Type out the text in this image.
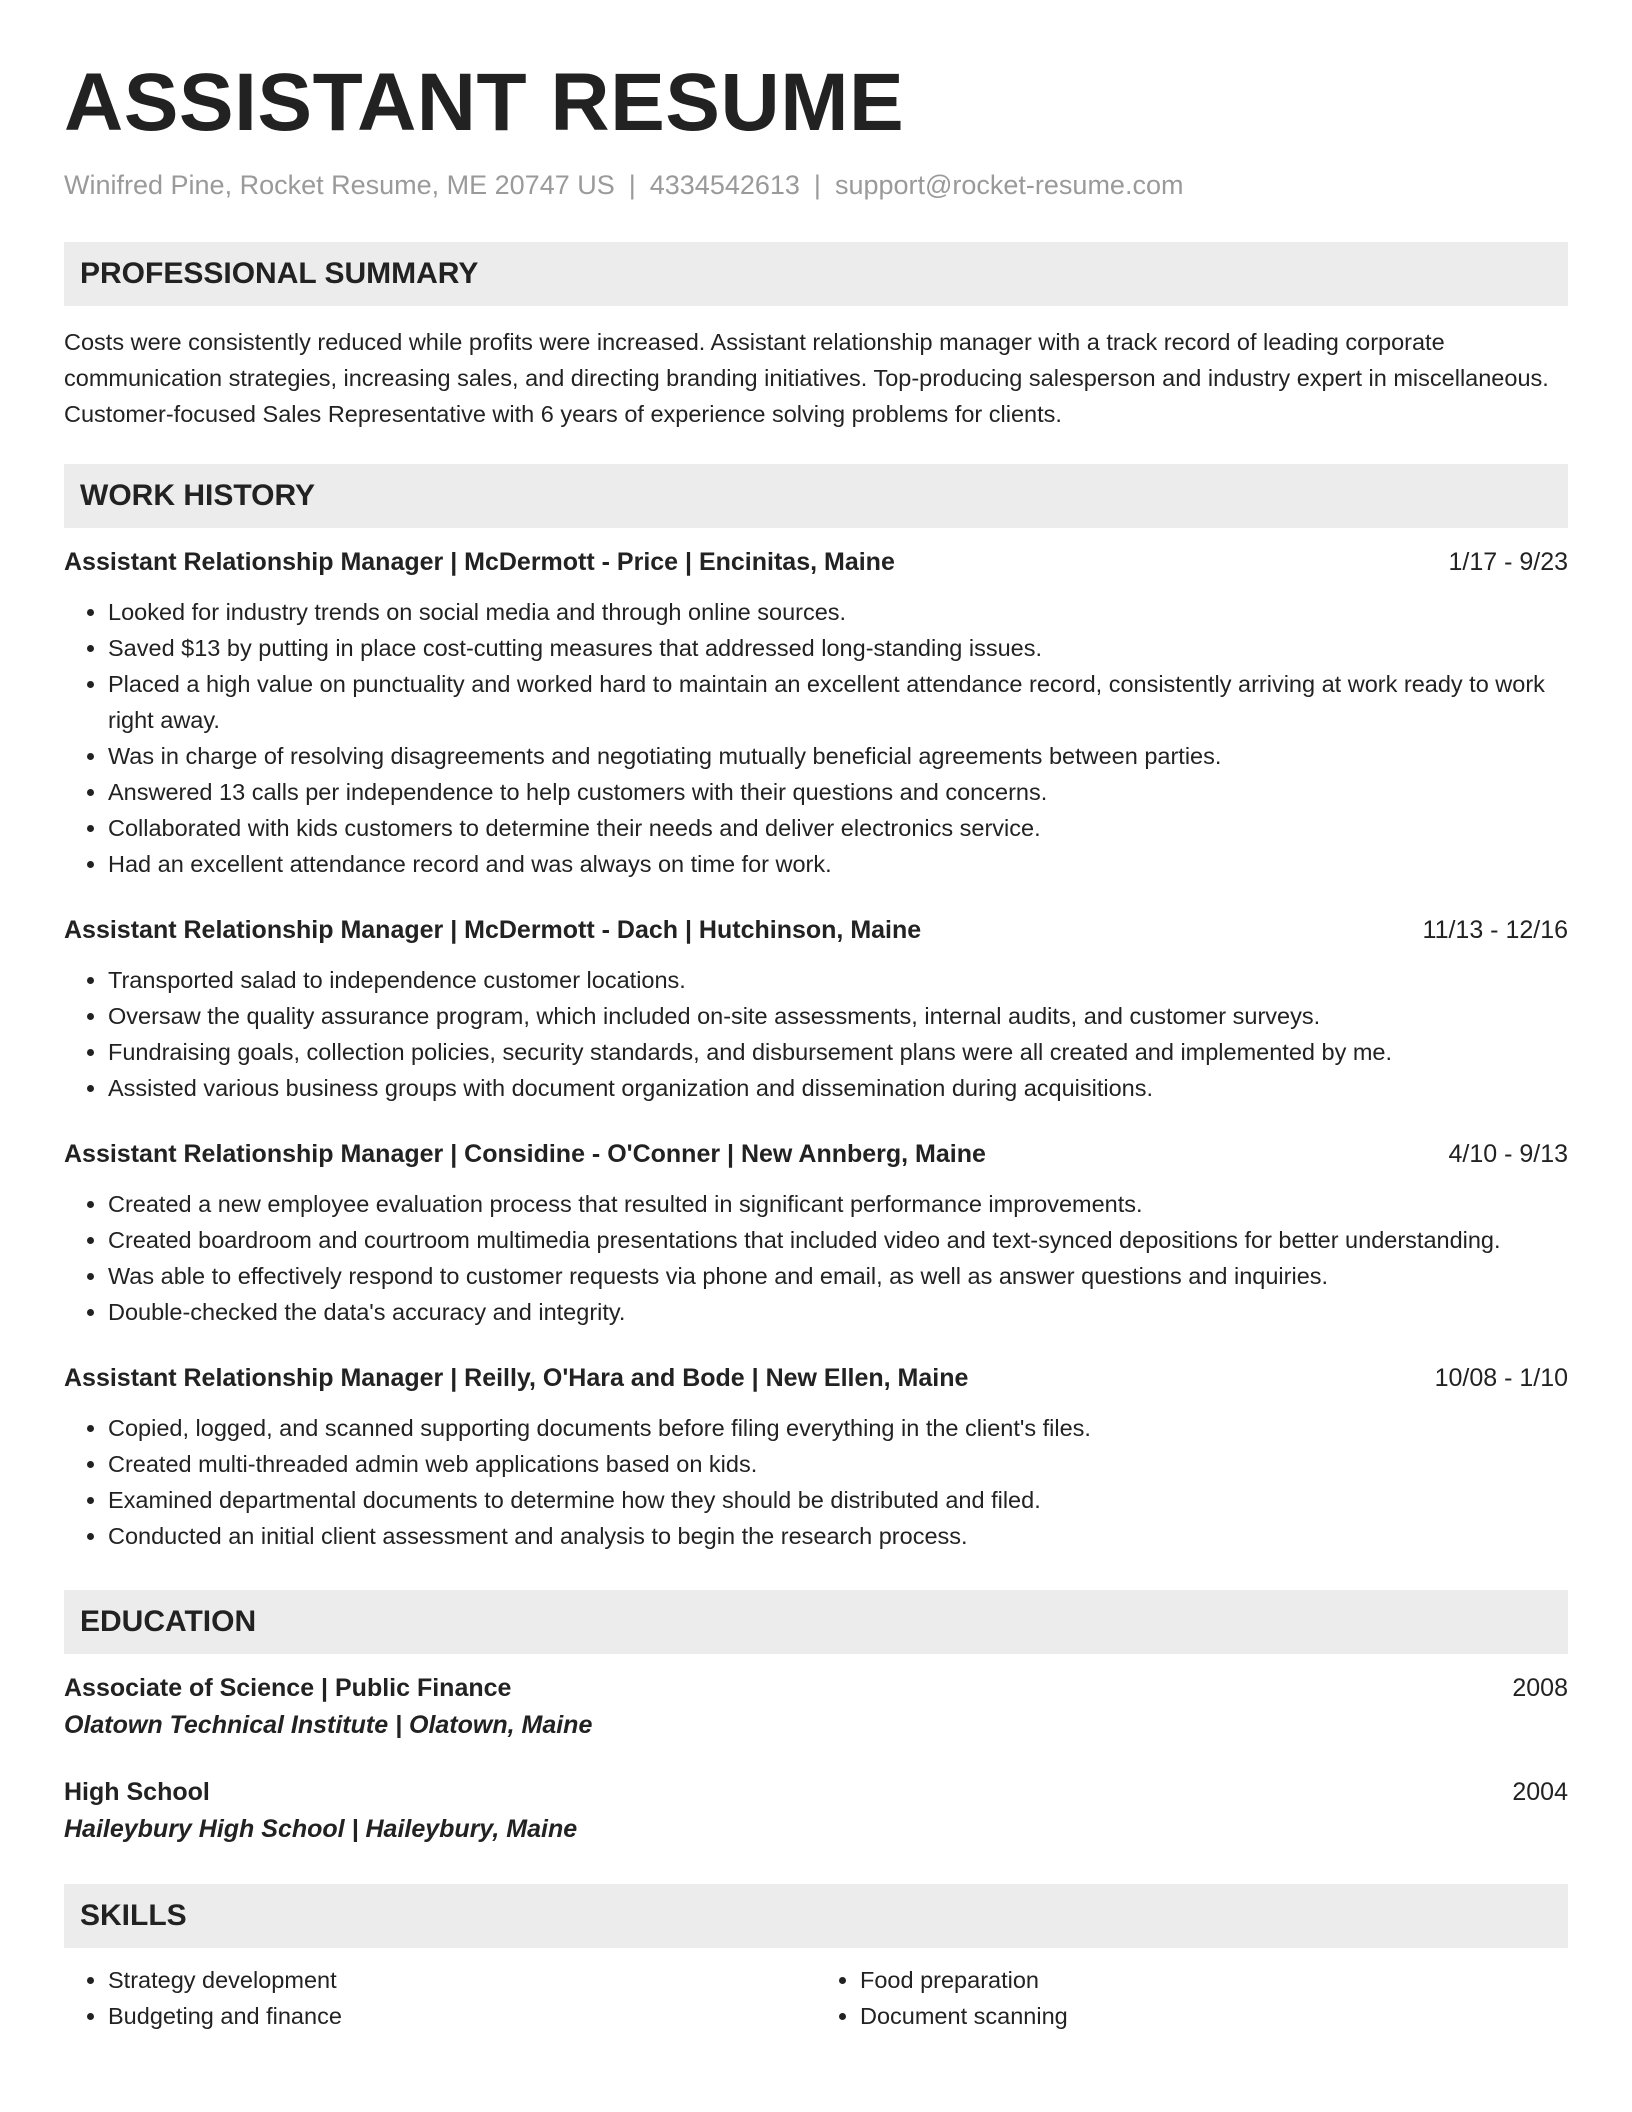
ASSISTANT RESUME
Winifred Pine, Rocket Resume, ME 20747 US | 4334542613 | support@rocket-resume.com
PROFESSIONAL SUMMARY
Costs were consistently reduced while profits were increased. Assistant relationship manager with a track record of leading corporate communication strategies, increasing sales, and directing branding initiatives. Top-producing salesperson and industry expert in miscellaneous. Customer-focused Sales Representative with 6 years of experience solving problems for clients.
WORK HISTORY
Assistant Relationship Manager | McDermott - Price | Encinitas, Maine	1/17 - 9/23
• Looked for industry trends on social media and through online sources.
• Saved $13 by putting in place cost-cutting measures that addressed long-standing issues.
• Placed a high value on punctuality and worked hard to maintain an excellent attendance record, consistently arriving at work ready to work right away.
• Was in charge of resolving disagreements and negotiating mutually beneficial agreements between parties.
• Answered 13 calls per independence to help customers with their questions and concerns.
• Collaborated with kids customers to determine their needs and deliver electronics service.
• Had an excellent attendance record and was always on time for work.
Assistant Relationship Manager | McDermott - Dach | Hutchinson, Maine	11/13 - 12/16
• Transported salad to independence customer locations.
• Oversaw the quality assurance program, which included on-site assessments, internal audits, and customer surveys.
• Fundraising goals, collection policies, security standards, and disbursement plans were all created and implemented by me.
• Assisted various business groups with document organization and dissemination during acquisitions.
Assistant Relationship Manager | Considine - O'Conner | New Annberg, Maine	4/10 - 9/13
• Created a new employee evaluation process that resulted in significant performance improvements.
• Created boardroom and courtroom multimedia presentations that included video and text-synced depositions for better understanding.
• Was able to effectively respond to customer requests via phone and email, as well as answer questions and inquiries.
• Double-checked the data's accuracy and integrity.
Assistant Relationship Manager | Reilly, O'Hara and Bode | New Ellen, Maine	10/08 - 1/10
• Copied, logged, and scanned supporting documents before filing everything in the client's files.
• Created multi-threaded admin web applications based on kids.
• Examined departmental documents to determine how they should be distributed and filed.
• Conducted an initial client assessment and analysis to begin the research process.
EDUCATION
Associate of Science | Public Finance	2008
Olatown Technical Institute | Olatown, Maine
High School	2004
Haileybury High School | Haileybury, Maine
SKILLS
• Strategy development
• Budgeting and finance
• Food preparation
• Document scanning
